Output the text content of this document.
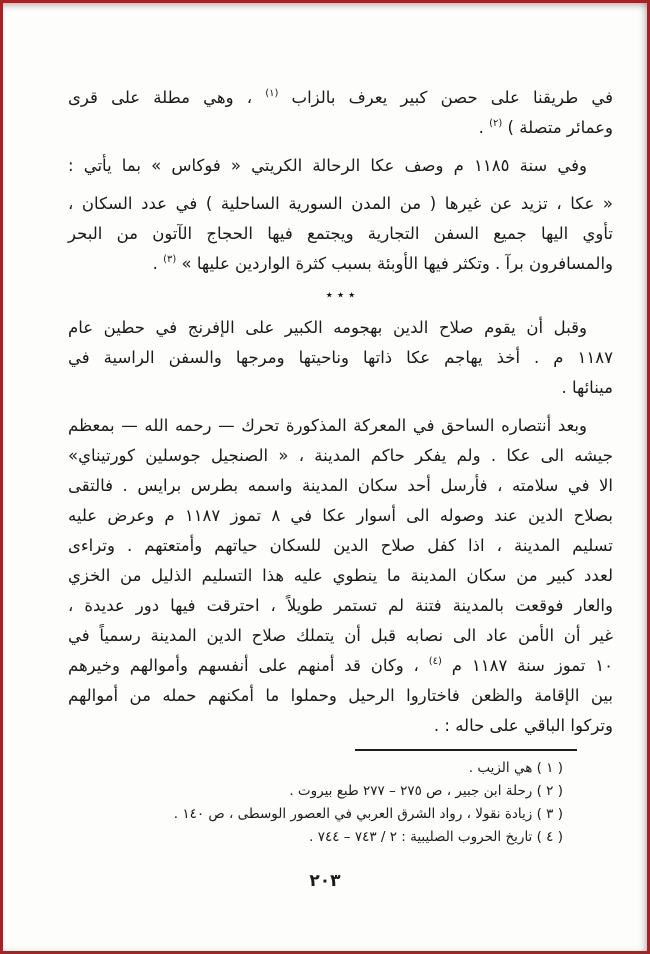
في طريقنا على حصن كبير يعرف بالزاب $^{(١)}$ ، وهي مطلة على قرى
وعمائر متصلة ) $^{(٢)}$ .
وفي سنة ١١٨٥ م وصف عكا الرحالة الكريتي « فوكاس » بما يأتي :
« عكا ، تزيد عن غيرها ( من المدن السورية الساحلية ) في عدد السكان ،
تأوي اليها جميع السفن التجارية ويجتمع فيها الحجاج الآتون من البحر
والمسافرون برآ . وتكثر فيها الأوبئة بسبب كثرة الواردين عليها » $^{(٣)}$ .
٭ ٭ ٭
وقبل أن يقوم صلاح الدين بهجومه الكبير على الإفرنج في حطين عام
١١٨٧ م . أخذ يهاجم عكا ذاتها وناحيتها ومرجها والسفن الراسية في
مينائها .
وبعد أنتصاره الساحق في المعركة المذكورة تحرك — رحمه الله — بمعظم
جيشه الى عكا . ولم يفكر حاكم المدينة ، « الصنجيل جوسلين كورتيناي»
الا في سلامته ، فأرسل أحد سكان المدينة واسمه بطرس برايس . فالتقى
بصلاح الدين عند وصوله الى أسوار عكا في ٨ تموز ١١٨٧ م وعرض عليه
تسليم المدينة ، اذا كفل صلاح الدين للسكان حياتهم وأمتعتهم . وتراءى
لعدد كبير من سكان المدينة ما ينطوي عليه هذا التسليم الذليل من الخزي
والعار فوقعت بالمدينة فتنة لم تستمر طويلاً ، احترقت فيها دور عديدة ،
غير أن الأمن عاد الى نصابه قبل أن يتملك صلاح الدين المدينة رسمياً في
١٠ تموز سنة ١١٨٧ م $^{(٤)}$ ، وكان قد أمنهم على أنفسهم وأموالهم وخيرهم
بين الإقامة والظعن فاختاروا الرحيل وحملوا ما أمكنهم حمله من أموالهم
وتركوا الباقي على حاله : .
( ١ ) هي الزيب .
( ٢ ) رحلة ابن جبير ، ص ٢٧٥ – ٢٧٧ طبع بيروت .
( ٣ ) زيادة نقولا ، رواد الشرق العربي في العصور الوسطى ، ص ١٤٠ .
( ٤ ) تاريخ الحروب الصليبية : ٢ / ٧٤٣ – ٧٤٤ .
٢٠٣
